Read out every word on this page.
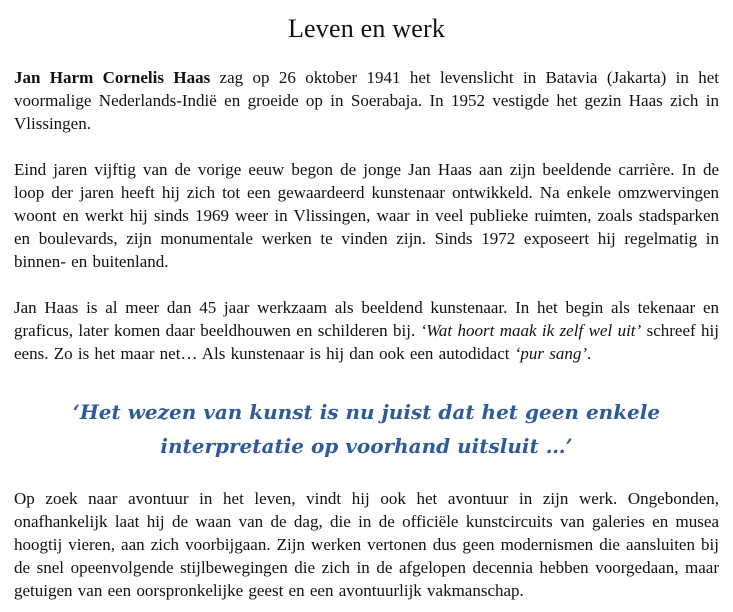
Leven en werk

Jan Harm Cornelis Haas zag op 26 oktober 1941 het levenslicht in Batavia (Jakarta) in het voormalige Nederlands-Indië en groeide op in Soerabaja. In 1952 vestigde het gezin Haas zich in Vlissingen.

Eind jaren vijftig van de vorige eeuw begon de jonge Jan Haas aan zijn beeldende carrière. In de loop der jaren heeft hij zich tot een gewaardeerd kunstenaar ontwikkeld. Na enkele omzwervingen woont en werkt hij sinds 1969 weer in Vlissingen, waar in veel publieke ruimten, zoals stadsparken en boulevards, zijn monumentale werken te vinden zijn. Sinds 1972 exposeert hij regelmatig in binnen- en buitenland.

Jan Haas is al meer dan 45 jaar werkzaam als beeldend kunstenaar. In het begin als tekenaar en graficus, later komen daar beeldhouwen en schilderen bij. ‘Wat hoort maak ik zelf wel uit’ schreef hij eens. Zo is het maar net… Als kunstenaar is hij dan ook een autodidact ‘pur sang’.

‘Het wezen van kunst is nu juist dat het geen enkele
interpretatie op voorhand uitsluit …’

Op zoek naar avontuur in het leven, vindt hij ook het avontuur in zijn werk. Ongebonden, onafhankelijk laat hij de waan van de dag, die in de officiële kunstcircuits van galeries en musea hoogtij vieren, aan zich voorbijgaan. Zijn werken vertonen dus geen modernismen die aansluiten bij de snel opeenvolgende stijlbewegingen die zich in de afgelopen decennia hebben voorgedaan, maar getuigen van een oorspronkelijke geest en een avontuurlijk vakmanschap.
